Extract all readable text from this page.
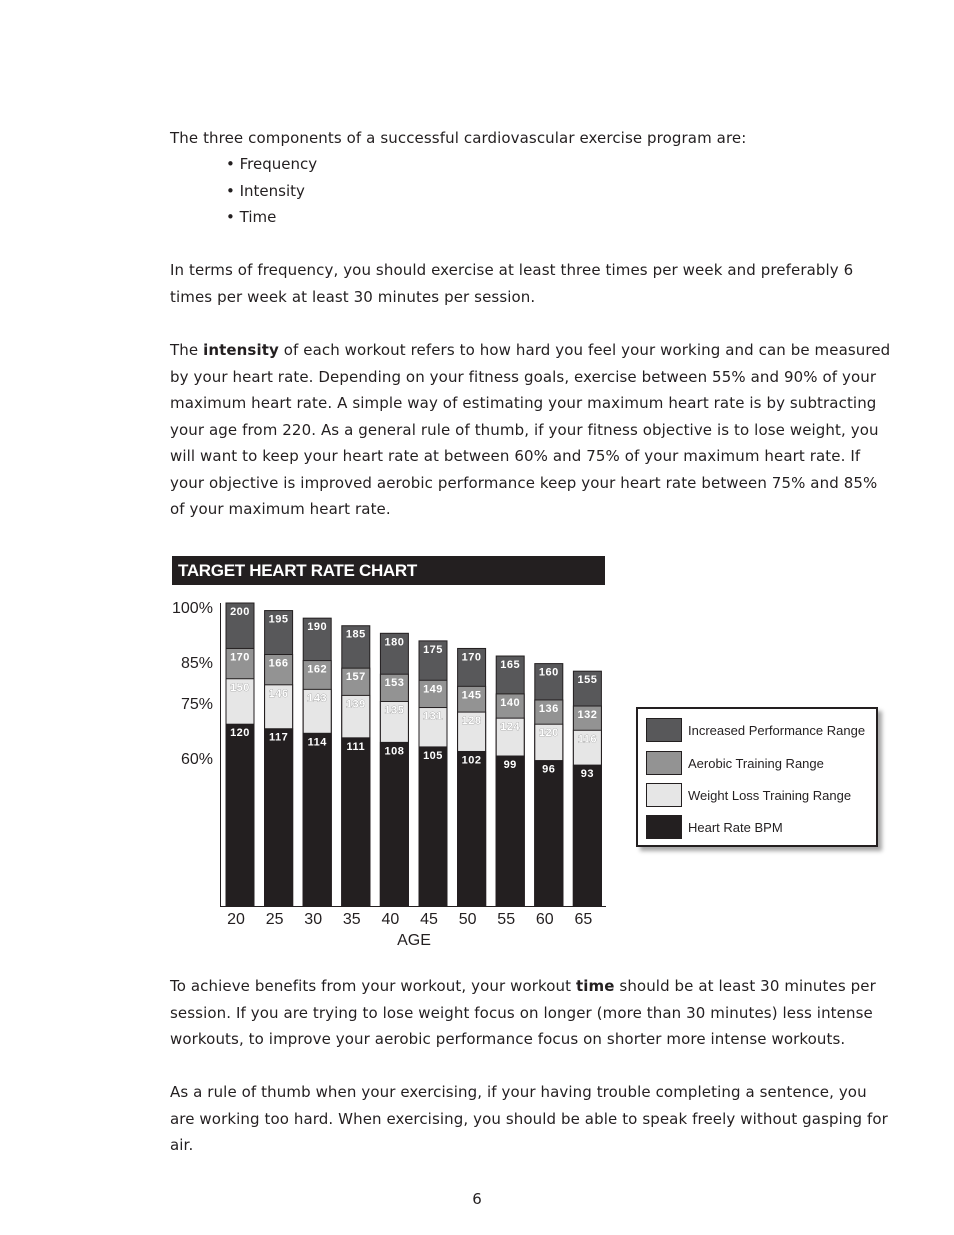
The three components of a successful cardiovascular exercise program are:

• Frequency
• Intensity
• Time

In terms of frequency, you should exercise at least three times per week and preferably 6 times per week at least 30 minutes per session.

The intensity of each workout refers to how hard you feel your working and can be measured by your heart rate. Depending on your fitness goals, exercise between 55% and 90% of your maximum heart rate. A simple way of estimating your maximum heart rate is by subtracting your age from 220. As a general rule of thumb, if your fitness objective is to lose weight, you will want to keep your heart rate at between 60% and 75% of your maximum heart rate. If your objective is improved aerobic performance keep your heart rate between 75% and 85% of your maximum heart rate.

TARGET HEART RATE CHART
100%
85%
75%
60%
120
150
170
200
117
146
166
195
114
143
162
190
111
139
157
185
108
135
153
180
105
131
149
175
102
128
145
170
99
124
140
165
96
120
136
160
93
116
132
155
20 25 30 35 40 45 50 55 60 65
AGE
Increased Performance Range
Aerobic Training Range
Weight Loss Training Range
Heart Rate BPM

To achieve benefits from your workout, your workout time should be at least 30 minutes per session. If you are trying to lose weight focus on longer (more than 30 minutes) less intense workouts, to improve your aerobic performance focus on shorter more intense workouts.

As a rule of thumb when your exercising, if your having trouble completing a sentence, you are working too hard. When exercising, you should be able to speak freely without gasping for air.

6
